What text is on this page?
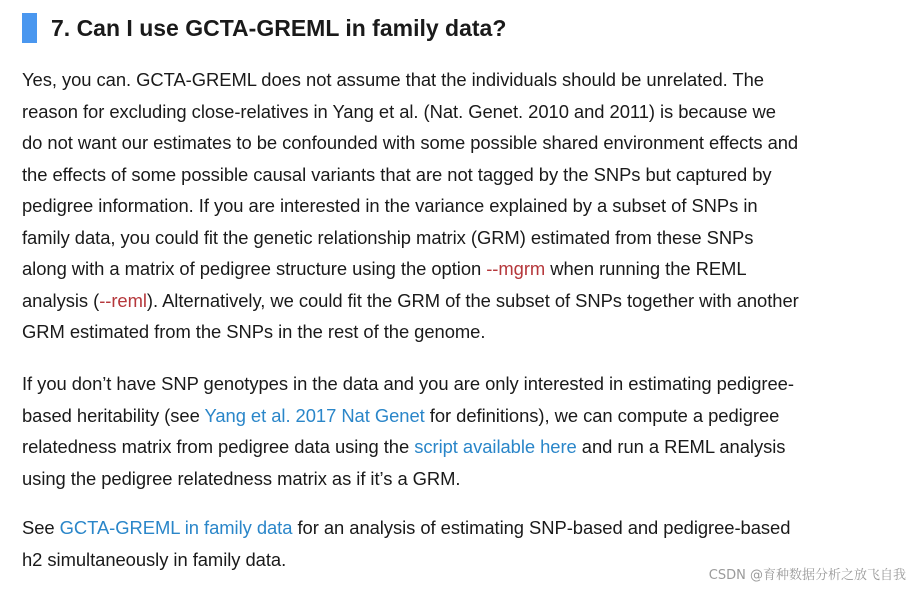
7. Can I use GCTA-GREML in family data?
Yes, you can. GCTA-GREML does not assume that the individuals should be unrelated. The
reason for excluding close-relatives in Yang et al. (Nat. Genet. 2010 and 2011) is because we
do not want our estimates to be confounded with some possible shared environment effects and
the effects of some possible causal variants that are not tagged by the SNPs but captured by
pedigree information. If you are interested in the variance explained by a subset of SNPs in
family data, you could fit the genetic relationship matrix (GRM) estimated from these SNPs
along with a matrix of pedigree structure using the option --mgrm when running the REML
analysis (--reml). Alternatively, we could fit the GRM of the subset of SNPs together with another
GRM estimated from the SNPs in the rest of the genome.
If you don’t have SNP genotypes in the data and you are only interested in estimating pedigree-
based heritability (see Yang et al. 2017 Nat Genet for definitions), we can compute a pedigree
relatedness matrix from pedigree data using the script available here and run a REML analysis
using the pedigree relatedness matrix as if it’s a GRM.
See GCTA-GREML in family data for an analysis of estimating SNP-based and pedigree-based
h2 simultaneously in family data.
CSDN @育种数据分析之放飞自我
